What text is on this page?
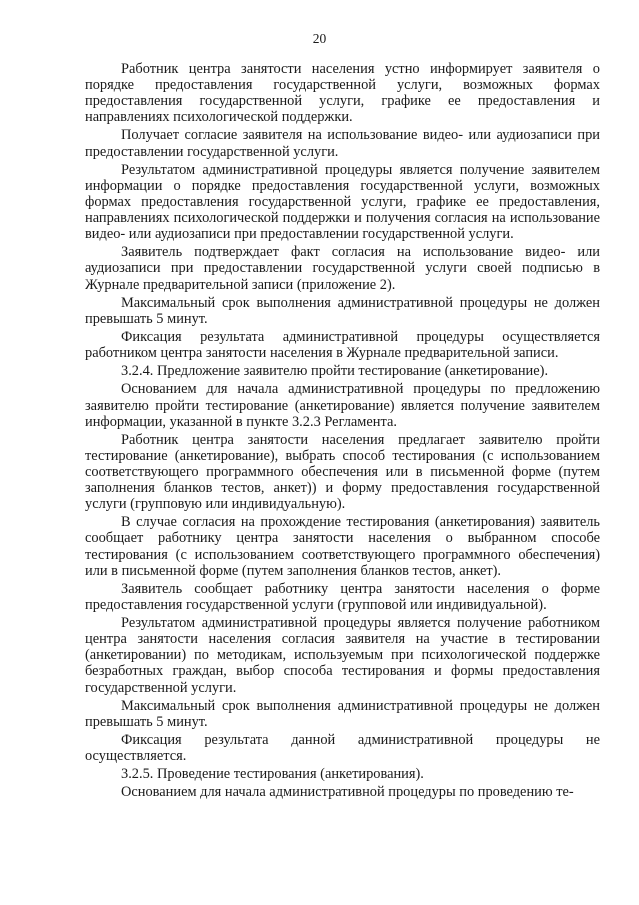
20

Работник центра занятости населения устно информирует заявителя о порядке предоставления государственной услуги, возможных формах предоставления государственной услуги, графике ее предоставления и направлениях психологической поддержки.

Получает согласие заявителя на использование видео- или аудиозаписи при предоставлении государственной услуги.

Результатом административной процедуры является получение заявителем информации о порядке предоставления государственной услуги, возможных формах предоставления государственной услуги, графике ее предоставления, направлениях психологической поддержки и получения согласия на использование видео- или аудиозаписи при предоставлении государственной услуги.

Заявитель подтверждает факт согласия на использование видео- или аудиозаписи при предоставлении государственной услуги своей подписью в Журнале предварительной записи (приложение 2).

Максимальный срок выполнения административной процедуры не должен превышать 5 минут.

Фиксация результата административной процедуры осуществляется работником центра занятости населения в Журнале предварительной записи.

3.2.4. Предложение заявителю пройти тестирование (анкетирование).

Основанием для начала административной процедуры по предложению заявителю пройти тестирование (анкетирование) является получение заявителем информации, указанной в пункте 3.2.3 Регламента.

Работник центра занятости населения предлагает заявителю пройти тестирование (анкетирование), выбрать способ тестирования (с использованием соответствующего программного обеспечения или в письменной форме (путем заполнения бланков тестов, анкет)) и форму предоставления государственной услуги (групповую или индивидуальную).

В случае согласия на прохождение тестирования (анкетирования) заявитель сообщает работнику центра занятости населения о выбранном способе тестирования (с использованием соответствующего программного обеспечения) или в письменной форме (путем заполнения бланков тестов, анкет).

Заявитель сообщает работнику центра занятости населения о форме предоставления государственной услуги (групповой или индивидуальной).

Результатом административной процедуры является получение работником центра занятости населения согласия заявителя на участие в тестировании (анкетировании) по методикам, используемым при психологической поддержке безработных граждан, выбор способа тестирования и формы предоставления государственной услуги.

Максимальный срок выполнения административной процедуры не должен превышать 5 минут.

Фиксация результата данной административной процедуры не осуществляется.

3.2.5. Проведение тестирования (анкетирования).

Основанием для начала административной процедуры по проведению те-
